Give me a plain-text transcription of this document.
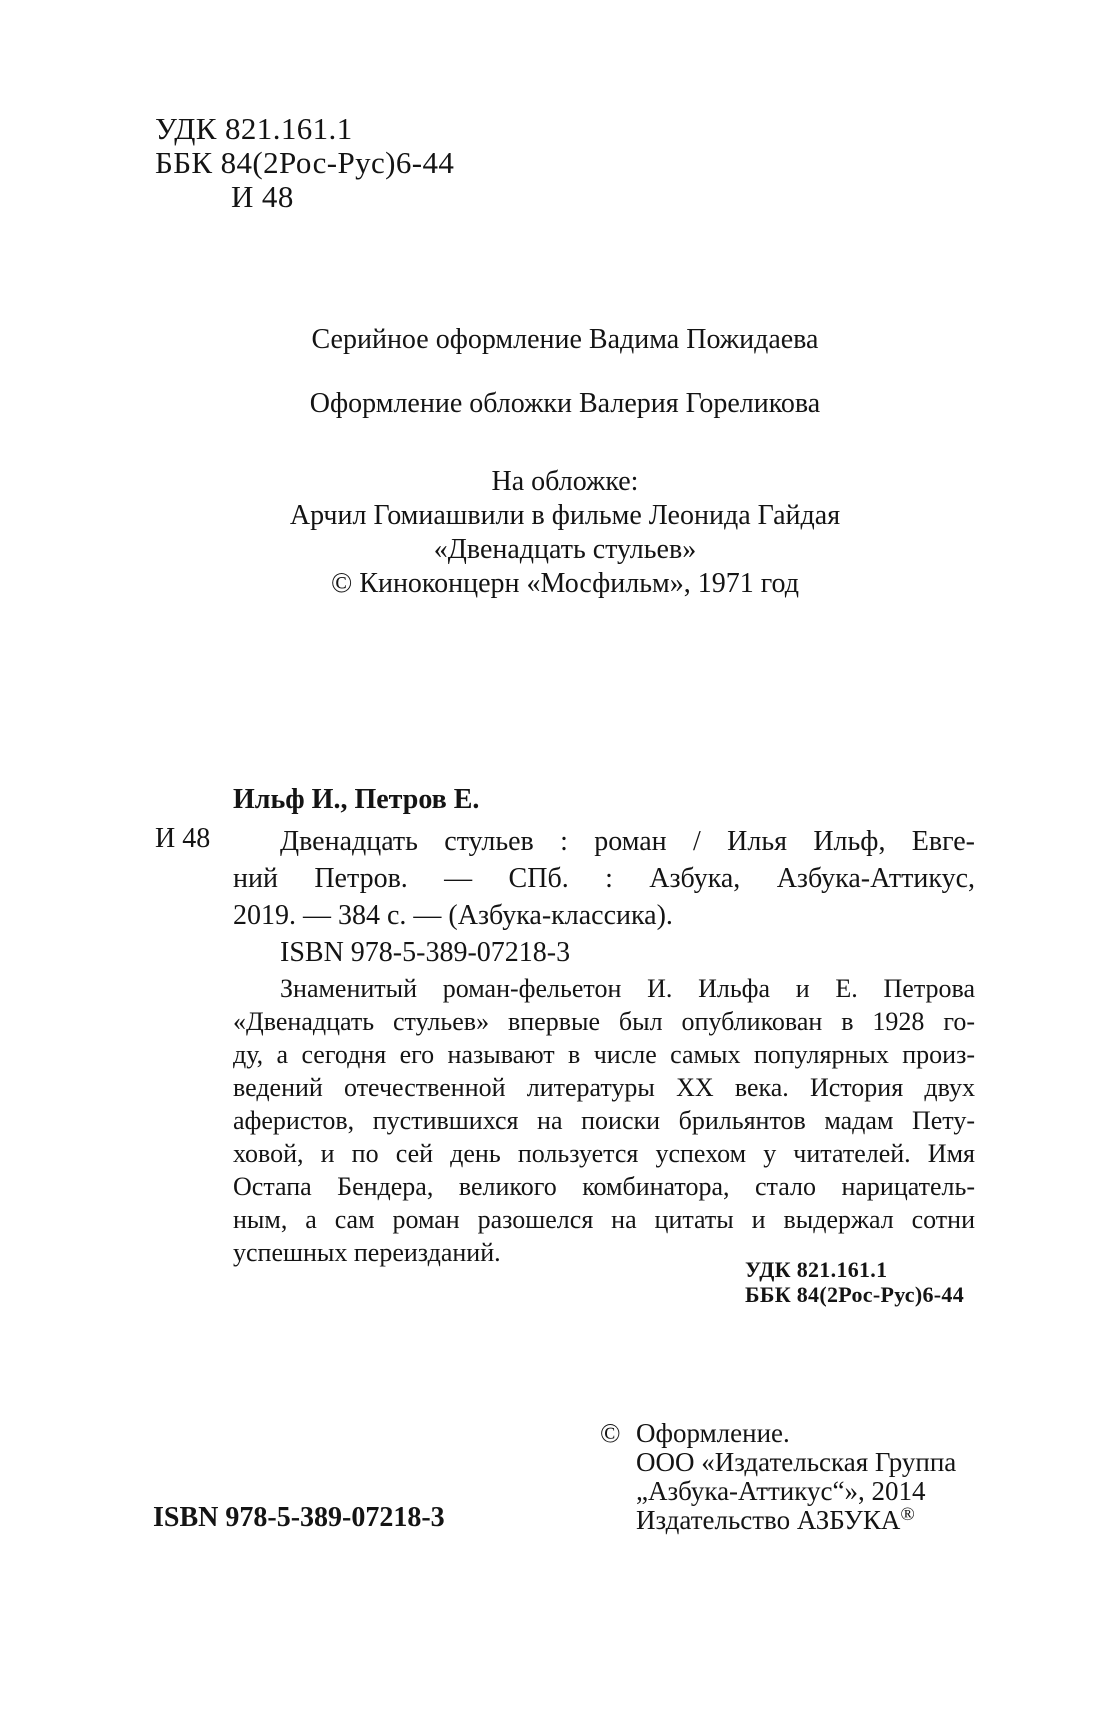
УДК 821.161.1
ББК 84(2Рос-Рус)6-44
И 48
Серийное оформление Вадима Пожидаева
Оформление обложки Валерия Гореликова
На обложке:
Арчил Гомиашвили в фильме Леонида Гайдая
«Двенадцать стульев»
© Киноконцерн «Мосфильм», 1971 год
Ильф И., Петров Е.
И 48	Двенадцать стульев : роман / Илья Ильф, Евге-
ний Петров. — СПб. : Азбука, Азбука-Аттикус,
2019. — 384 с. — (Азбука-классика).
ISBN 978-5-389-07218-3
Знаменитый роман-фельетон И. Ильфа и Е. Петрова
«Двенадцать стульев» впервые был опубликован в 1928 го-
ду, а сегодня его называют в числе самых популярных произ-
ведений отечественной литературы ХХ века. История двух
аферистов, пустившихся на поиски брильянтов мадам Пету-
ховой, и по сей день пользуется успехом у читателей. Имя
Остапа Бендера, великого комбинатора, стало нарицатель-
ным, а сам роман разошелся на цитаты и выдержал сотни
успешных переизданий.
УДК 821.161.1
ББК 84(2Рос-Рус)6-44
ISBN 978-5-389-07218-3
© Оформление.
ООО «Издательская Группа
„Азбука-Аттикус“», 2014
Издательство АЗБУКА®
